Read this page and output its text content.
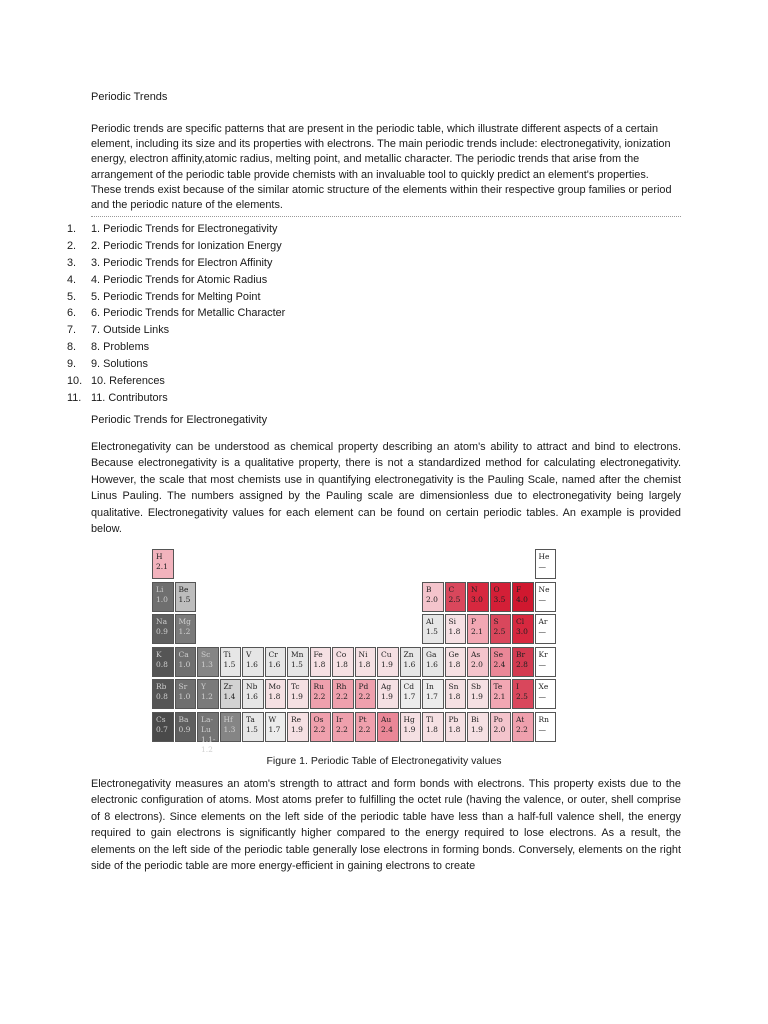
Periodic Trends

Periodic trends are specific patterns that are present in the periodic table, which illustrate different aspects of a certain element, including its size and its properties with electrons. The main periodic trends include: electronegativity, ionization energy, electron affinity,atomic radius, melting point, and metallic character. The periodic trends that arise from the arrangement of the periodic table provide chemists with an invaluable tool to quickly predict an element's properties. These trends exist because of the similar atomic structure of the elements within their respective group families or period and the periodic nature of the elements.

1. 1. Periodic Trends for Electronegativity
2. 2. Periodic Trends for Ionization Energy
3. 3. Periodic Trends for Electron Affinity
4. 4. Periodic Trends for Atomic Radius
5. 5. Periodic Trends for Melting Point
6. 6. Periodic Trends for Metallic Character
7. 7. Outside Links
8. 8. Problems
9. 9. Solutions
10. 10. References
11. 11. Contributors
Periodic Trends for Electronegativity

Electronegativity can be understood as chemical property describing an atom's ability to attract and bind to electrons. Because electronegativity is a qualitative property, there is not a standardized method for calculating electronegativity. However, the scale that most chemists use in quantifying electronegativity is the Pauling Scale, named after the chemist Linus Pauling. The numbers assigned by the Pauling scale are dimensionless due to electronegativity being largely qualitative. Electronegativity values for each element can be found on certain periodic tables. An example is provided below.

H
2.1
He
—
Li
1.0
Be
1.5
B
2.0
C
2.5
N
3.0
O
3.5
F
4.0
Ne
—
Na
0.9
Mg
1.2
Al
1.5
Si
1.8
P
2.1
S
2.5
Cl
3.0
Ar
—
K
0.8
Ca
1.0
Sc
1.3
Ti
1.5
V
1.6
Cr
1.6
Mn
1.5
Fe
1.8
Co
1.8
Ni
1.8
Cu
1.9
Zn
1.6
Ga
1.6
Ge
1.8
As
2.0
Se
2.4
Br
2.8
Kr
—
Rb
0.8
Sr
1.0
Y
1.2
Zr
1.4
Nb
1.6
Mo
1.8
Tc
1.9
Ru
2.2
Rh
2.2
Pd
2.2
Ag
1.9
Cd
1.7
In
1.7
Sn
1.8
Sb
1.9
Te
2.1
I
2.5
Xe
—
Cs
0.7
Ba
0.9
La-Lu
1.1-1.2
Hf
1.3
Ta
1.5
W
1.7
Re
1.9
Os
2.2
Ir
2.2
Pt
2.2
Au
2.4
Hg
1.9
Tl
1.8
Pb
1.8
Bi
1.9
Po
2.0
At
2.2
Rn
—
Figure 1. Periodic Table of Electronegativity values

Electronegativity measures an atom's strength to attract and form bonds with electrons. This property exists due to the electronic configuration of atoms. Most atoms prefer to fulfilling the octet rule (having the valence, or outer, shell comprise of 8 electrons). Since elements on the left side of the periodic table have less than a half-full valence shell, the energy required to gain electrons is significantly higher compared to the energy required to lose electrons. As a result, the elements on the left side of the periodic table generally lose electrons in forming bonds. Conversely, elements on the right side of the periodic table are more energy-efficient in gaining electrons to create
